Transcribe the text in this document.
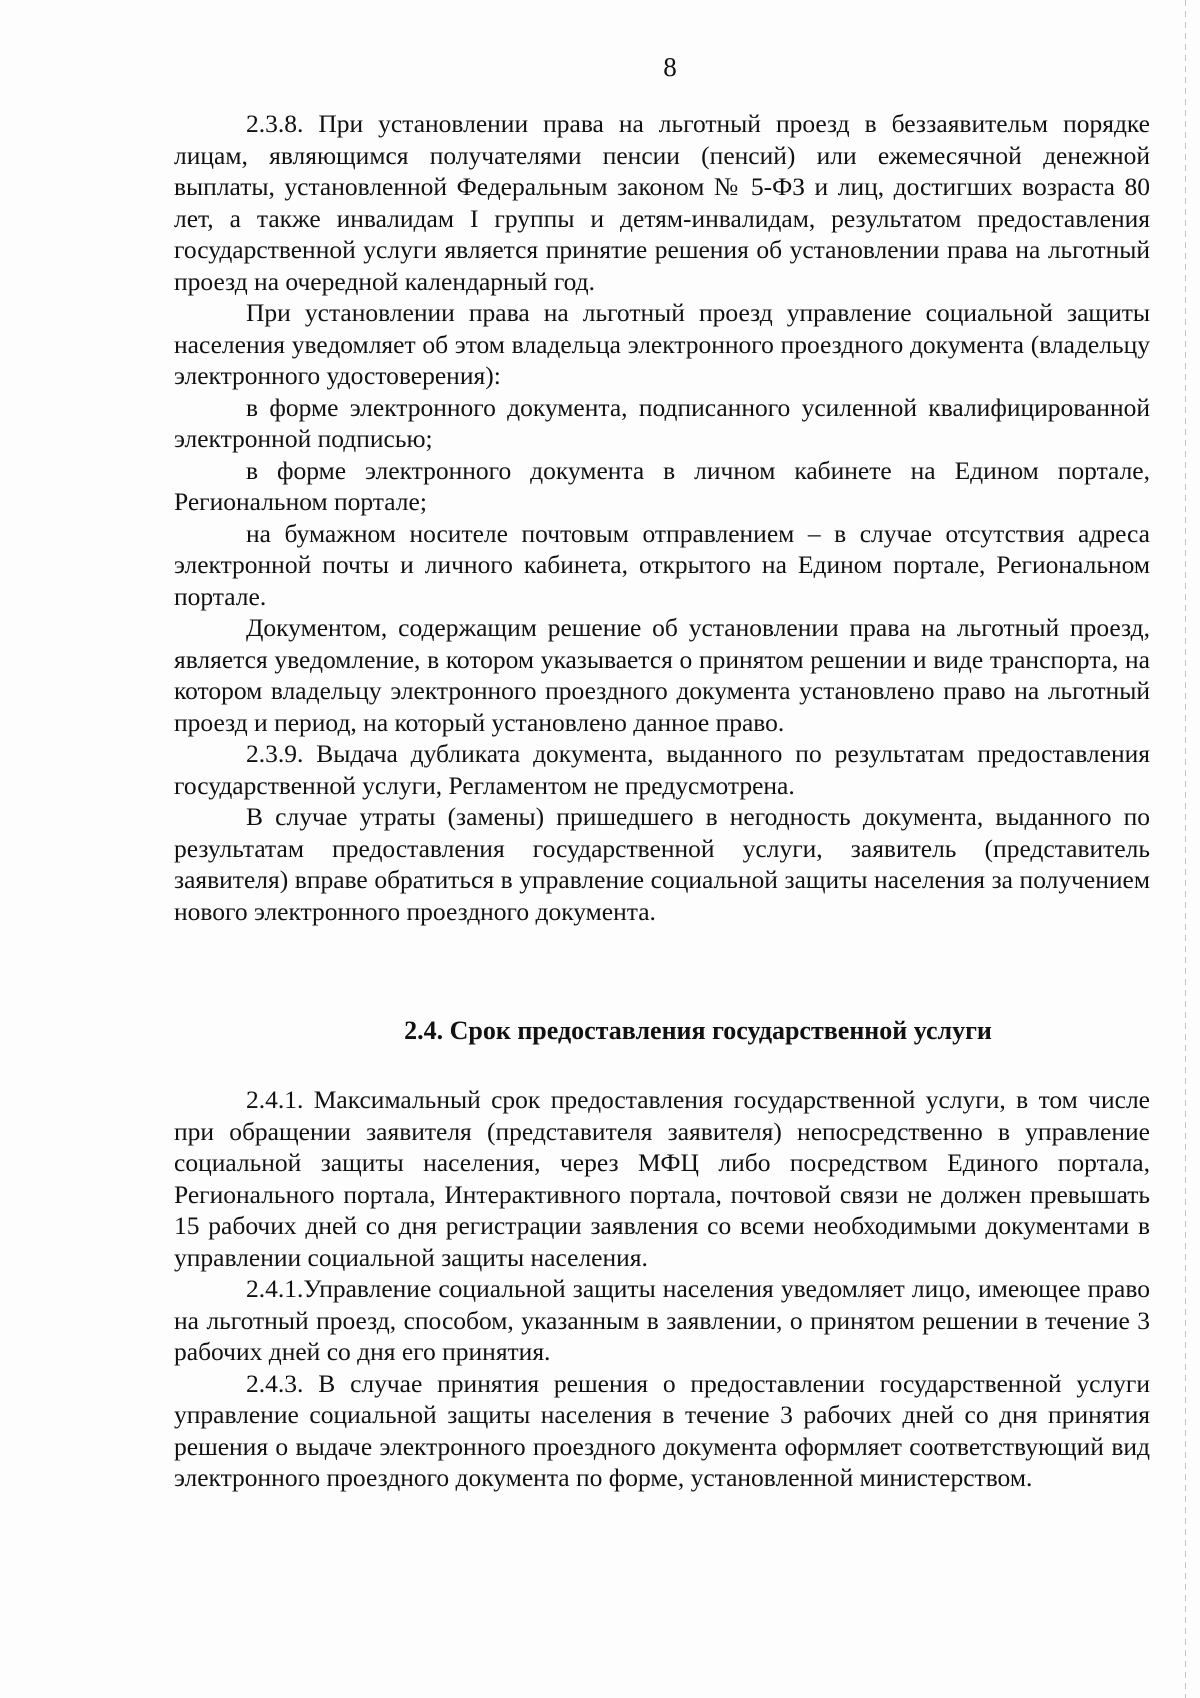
8

2.3.8. При установлении права на льготный проезд в беззаявительм порядке лицам, являющимся получателями пенсии (пенсий) или ежемесячной денежной выплаты, установленной Федеральным законом № 5-ФЗ и лиц, достигших возраста 80 лет, а также инвалидам I группы и детям-инвалидам, результатом предоставления государственной услуги является принятие решения об установлении права на льготный проезд на очередной календарный год.

При установлении права на льготный проезд управление социальной защиты населения уведомляет об этом владельца электронного проездного документа (владельцу электронного удостоверения):

в форме электронного документа, подписанного усиленной квалифицированной электронной подписью;

в форме электронного документа в личном кабинете на Едином портале, Региональном портале;

на бумажном носителе почтовым отправлением – в случае отсутствия адреса электронной почты и личного кабинета, открытого на Едином портале, Региональном портале.

Документом, содержащим решение об установлении права на льготный проезд, является уведомление, в котором указывается о принятом решении и виде транспорта, на котором владельцу электронного проездного документа установлено право на льготный проезд и период, на который установлено данное право.

2.3.9. Выдача дубликата документа, выданного по результатам предоставления государственной услуги, Регламентом не предусмотрена.

В случае утраты (замены) пришедшего в негодность документа, выданного по результатам предоставления государственной услуги, заявитель (представитель заявителя) вправе обратиться в управление социальной защиты населения за получением нового электронного проездного документа.

2.4. Срок предоставления государственной услуги

2.4.1. Максимальный срок предоставления государственной услуги, в том числе при обращении заявителя (представителя заявителя) непосредственно в управление социальной защиты населения, через МФЦ либо посредством Единого портала, Регионального портала, Интерактивного портала, почтовой связи не должен превышать 15 рабочих дней со дня регистрации заявления со всеми необходимыми документами в управлении социальной защиты населения.

2.4.1.Управление социальной защиты населения уведомляет лицо, имеющее право на льготный проезд, способом, указанным в заявлении, о принятом решении в течение 3 рабочих дней со дня его принятия.

2.4.3. В случае принятия решения о предоставлении государственной услуги управление социальной защиты населения в течение 3 рабочих дней со дня принятия решения о выдаче электронного проездного документа оформляет соответствующий вид электронного проездного документа по форме, установленной министерством.
